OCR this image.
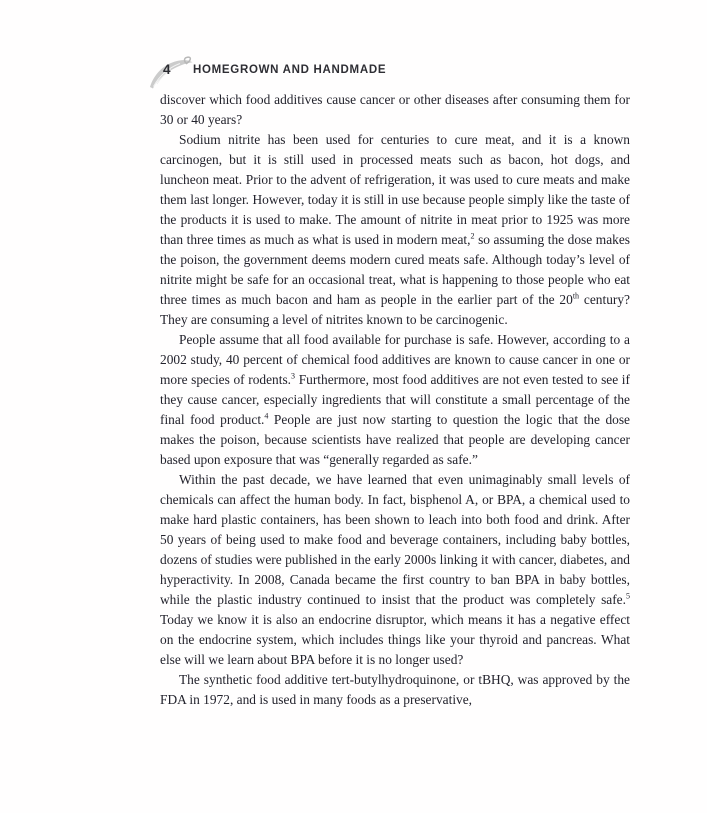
4 HOMEGROWN AND HANDMADE

discover which food additives cause cancer or other diseases after consuming them for 30 or 40 years?

Sodium nitrite has been used for centuries to cure meat, and it is a known carcinogen, but it is still used in processed meats such as bacon, hot dogs, and luncheon meat. Prior to the advent of refrigeration, it was used to cure meats and make them last longer. However, today it is still in use because people simply like the taste of the products it is used to make. The amount of nitrite in meat prior to 1925 was more than three times as much as what is used in modern meat,$^2$ so assuming the dose makes the poison, the government deems modern cured meats safe. Although today’s level of nitrite might be safe for an occasional treat, what is happening to those people who eat three times as much bacon and ham as people in the earlier part of the 20th century? They are consuming a level of nitrites known to be carcinogenic.

People assume that all food available for purchase is safe. However, according to a 2002 study, 40 percent of chemical food additives are known to cause cancer in one or more species of rodents.$^3$ Furthermore, most food additives are not even tested to see if they cause cancer, especially ingredients that will constitute a small percentage of the final food product.$^4$ People are just now starting to question the logic that the dose makes the poison, because scientists have realized that people are developing cancer based upon exposure that was “generally regarded as safe.”

Within the past decade, we have learned that even unimaginably small levels of chemicals can affect the human body. In fact, bisphenol A, or BPA, a chemical used to make hard plastic containers, has been shown to leach into both food and drink. After 50 years of being used to make food and beverage containers, including baby bottles, dozens of studies were published in the early 2000s linking it with cancer, diabetes, and hyperactivity. In 2008, Canada became the first country to ban BPA in baby bottles, while the plastic industry continued to insist that the product was completely safe.$^5$ Today we know it is also an endocrine disruptor, which means it has a negative effect on the endocrine system, which includes things like your thyroid and pancreas. What else will we learn about BPA before it is no longer used?

The synthetic food additive tert-butylhydroquinone, or tBHQ, was approved by the FDA in 1972, and is used in many foods as a preservative,
